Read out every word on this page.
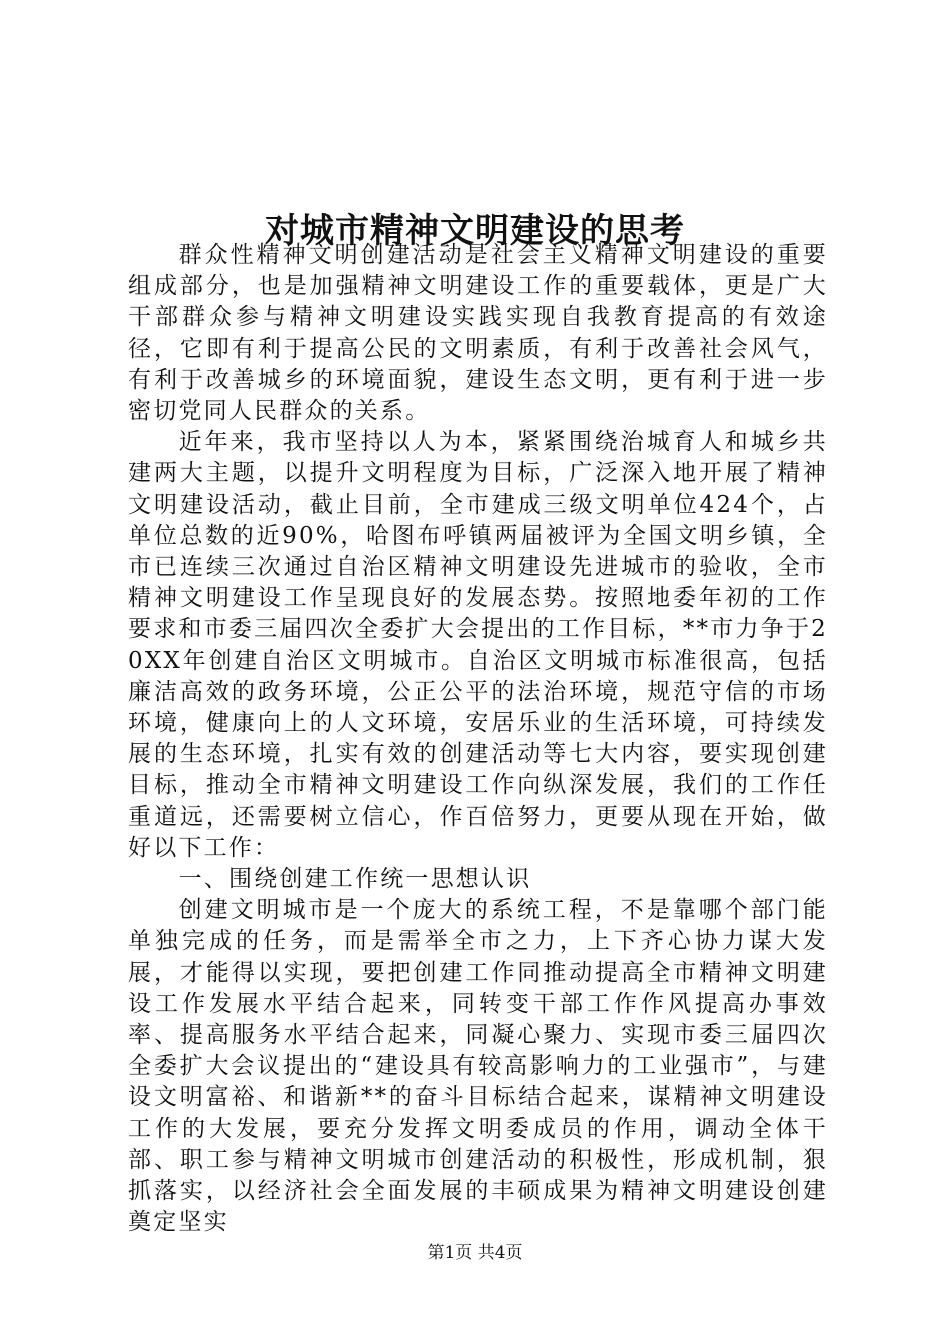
对城市精神文明建设的思考

群众性精神文明创建活动是社会主义精神文明建设的重要组成部分，也是加强精神文明建设工作的重要载体，更是广大干部群众参与精神文明建设实践实现自我教育提高的有效途径，它即有利于提高公民的文明素质，有利于改善社会风气，有利于改善城乡的环境面貌，建设生态文明，更有利于进一步密切党同人民群众的关系。

近年来，我市坚持以人为本，紧紧围绕治城育人和城乡共建两大主题，以提升文明程度为目标，广泛深入地开展了精神文明建设活动，截止目前，全市建成三级文明单位424个，占单位总数的近90%，哈图布呼镇两届被评为全国文明乡镇，全市已连续三次通过自治区精神文明建设先进城市的验收，全市精神文明建设工作呈现良好的发展态势。按照地委年初的工作要求和市委三届四次全委扩大会提出的工作目标，**市力争于20XX年创建自治区文明城市。自治区文明城市标准很高，包括廉洁高效的政务环境，公正公平的法治环境，规范守信的市场环境，健康向上的人文环境，安居乐业的生活环境，可持续发展的生态环境，扎实有效的创建活动等七大内容，要实现创建目标，推动全市精神文明建设工作向纵深发展，我们的工作任重道远，还需要树立信心，作百倍努力，更要从现在开始，做好以下工作：

一、围绕创建工作统一思想认识

创建文明城市是一个庞大的系统工程，不是靠哪个部门能单独完成的任务，而是需举全市之力，上下齐心协力谋大发展，才能得以实现，要把创建工作同推动提高全市精神文明建设工作发展水平结合起来，同转变干部工作作风提高办事效率、提高服务水平结合起来，同凝心聚力、实现市委三届四次全委扩大会议提出的“建设具有较高影响力的工业强市”，与建设文明富裕、和谐新**的奋斗目标结合起来，谋精神文明建设工作的大发展，要充分发挥文明委成员的作用，调动全体干部、职工参与精神文明城市创建活动的积极性，形成机制，狠抓落实，以经济社会全面发展的丰硕成果为精神文明建设创建奠定坚实

第1页 共4页
